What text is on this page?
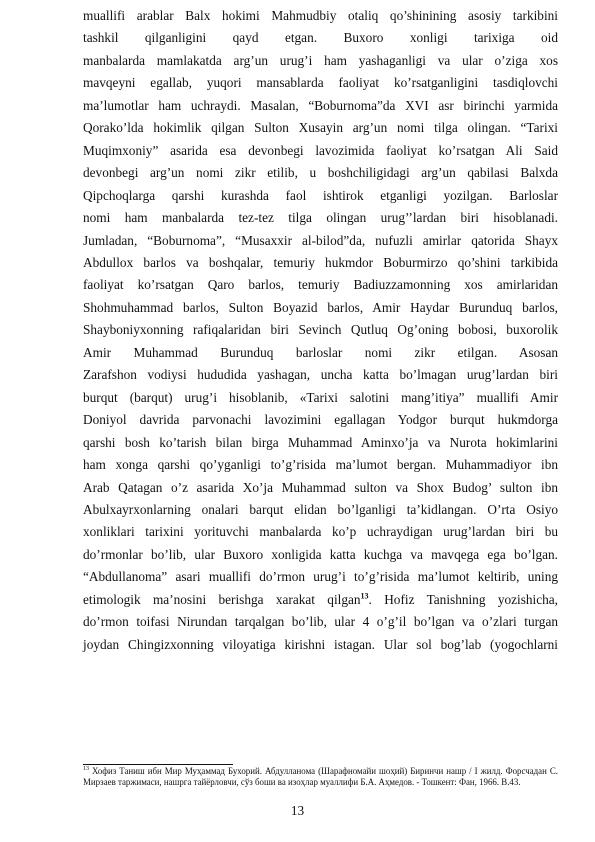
muallifi arablar Balx hokimi Mahmudbiy otaliq qo’shinining asosiy tarkibini

tashkil qilganligini qayd etgan. Buxoro xonligi tarixiga oid

manbalarda mamlakatda arg’un urug’i ham yashaganligi va ular o’ziga xos

mavqeyni egallab, yuqori mansablarda faoliyat ko’rsatganligini tasdiqlovchi

ma’lumotlar ham uchraydi. Masalan, “Boburnoma”da XVI asr birinchi yarmida

Qorako’lda hokimlik qilgan Sulton Xusayin arg’un nomi tilga olingan. “Tarixi

Muqimxoniy” asarida esa devonbegi lavozimida faoliyat ko’rsatgan Ali Said

devonbegi arg’un nomi zikr etilib, u boshchiligidagi arg’un qabilasi Balxda

Qipchoqlarga qarshi kurashda faol ishtirok etganligi yozilgan. Barloslar

nomi ham manbalarda tez-tez tilga olingan urug’’lardan biri hisoblanadi.

Jumladan, “Boburnoma”, “Musaxxir al-bilod”da, nufuzli amirlar qatorida Shayx

Abdullox barlos va boshqalar, temuriy hukmdor Boburmirzo qo’shini tarkibida

faoliyat ko’rsatgan Qaro barlos, temuriy Badiuzzamonning xos amirlaridan

Shohmuhammad barlos, Sulton Boyazid barlos, Amir Haydar Burunduq barlos,

Shayboniyxonning rafiqalaridan biri Sevinch Qutluq Og’oning bobosi, buxorolik

Amir Muhammad Burunduq barloslar nomi zikr etilgan. Asosan

Zarafshon vodiysi hududida yashagan, uncha katta bo’lmagan urug’lardan biri

burqut (barqut) urug’i hisoblanib, «Tarixi salotini mang’itiya” muallifi Amir

Doniyol davrida parvonachi lavozimini egallagan Yodgor burqut hukmdorga

qarshi bosh ko’tarish bilan birga Muhammad Aminxo’ja va Nurota hokimlarini

ham xonga qarshi qo’yganligi to’g’risida ma’lumot bergan. Muhammadiyor ibn

Arab Qatagan o’z asarida Xo’ja Muhammad sulton va Shox Budog’ sulton ibn

Abulxayrxonlarning onalari barqut elidan bo’lganligi ta’kidlangan. O’rta Osiyo

xonliklari tarixini yorituvchi manbalarda ko’p uchraydigan urug’lardan biri bu

do’rmonlar bo’lib, ular Buxoro xonligida katta kuchga va mavqega ega bo’lgan.

“Abdullanoma” asari muallifi do’rmon urug’i to’g’risida ma’lumot keltirib, uning

etimologik ma’nosini berishga xarakat qilgan$^{13}$. Hofiz Tanishning yozishicha,

do’rmon toifasi Nirundan tarqalgan bo’lib, ular 4 o’g’il bo’lgan va o’zlari turgan

joydan Chingizxonning viloyatiga kirishni istagan. Ular sol bog’lab (yogochlarni

$^{13}$ Хофиз Таниш ибн Мир Муҳаммад Бухорий. Абдулланома (Шарафномайи шоҳий) Биринчи нашр / I жилд. Форсчадан С. Мирзаев таржимаси, нашрга тайёрловчи, сўз боши ва изоҳлар муаллифи Б.А. Аҳмедов. - Тошкент: Фан, 1966. В.43.
13
